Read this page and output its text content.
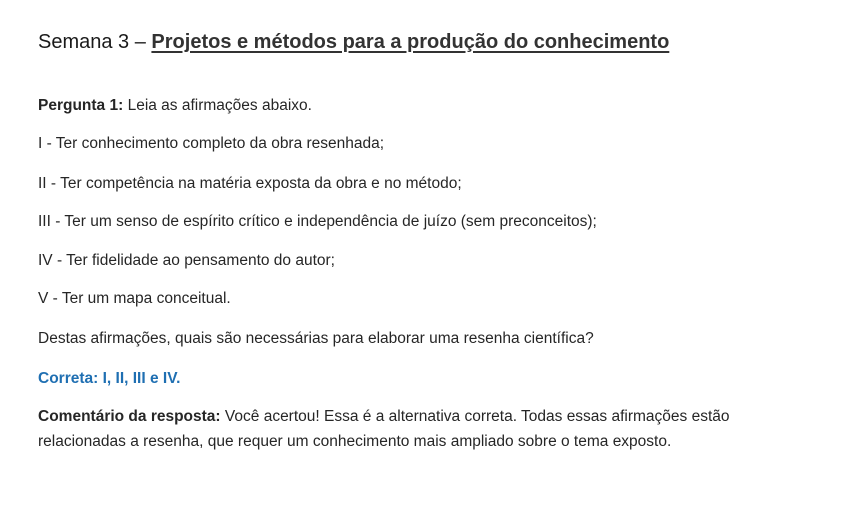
Semana 3 – Projetos e métodos para a produção do conhecimento
Pergunta 1: Leia as afirmações abaixo.
I - Ter conhecimento completo da obra resenhada;
II - Ter competência na matéria exposta da obra e no método;
III - Ter um senso de espírito crítico e independência de juízo (sem preconceitos);
IV - Ter fidelidade ao pensamento do autor;
V - Ter um mapa conceitual.
Destas afirmações, quais são necessárias para elaborar uma resenha científica?
Correta: I, II, III e IV.
Comentário da resposta: Você acertou! Essa é a alternativa correta. Todas essas afirmações estão relacionadas a resenha, que requer um conhecimento mais ampliado sobre o tema exposto.
